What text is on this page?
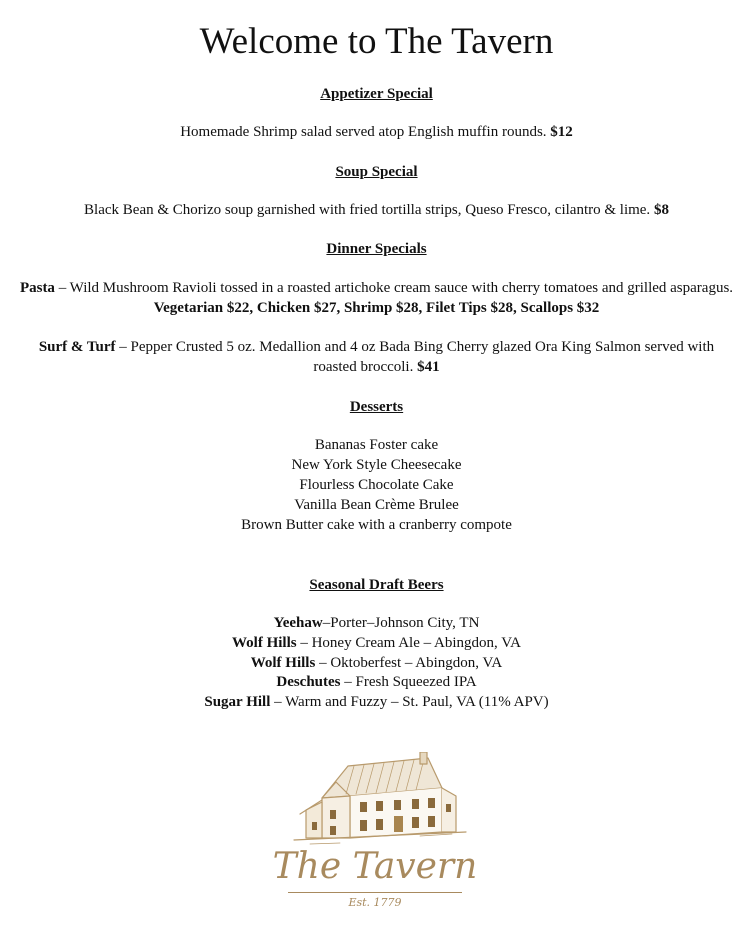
Welcome to The Tavern
Appetizer Special
Homemade Shrimp salad served atop English muffin rounds. $12
Soup Special
Black Bean & Chorizo soup garnished with fried tortilla strips, Queso Fresco, cilantro & lime. $8
Dinner Specials
Pasta – Wild Mushroom Ravioli tossed in a roasted artichoke cream sauce with cherry tomatoes and grilled asparagus. Vegetarian $22, Chicken $27, Shrimp $28, Filet Tips $28, Scallops $32
Surf & Turf – Pepper Crusted 5 oz. Medallion and 4 oz Bada Bing Cherry glazed Ora King Salmon served with roasted broccoli. $41
Desserts
Bananas Foster cake
New York Style Cheesecake
Flourless Chocolate Cake
Vanilla Bean Crème Brulee
Brown Butter cake with a cranberry compote
Seasonal Draft Beers
Yeehaw–Porter–Johnson City, TN
Wolf Hills – Honey Cream Ale – Abingdon, VA
Wolf Hills – Oktoberfest – Abingdon, VA
Deschutes – Fresh Squeezed IPA
Sugar Hill – Warm and Fuzzy – St. Paul, VA (11% APV)
The Tavern
Est. 1779
